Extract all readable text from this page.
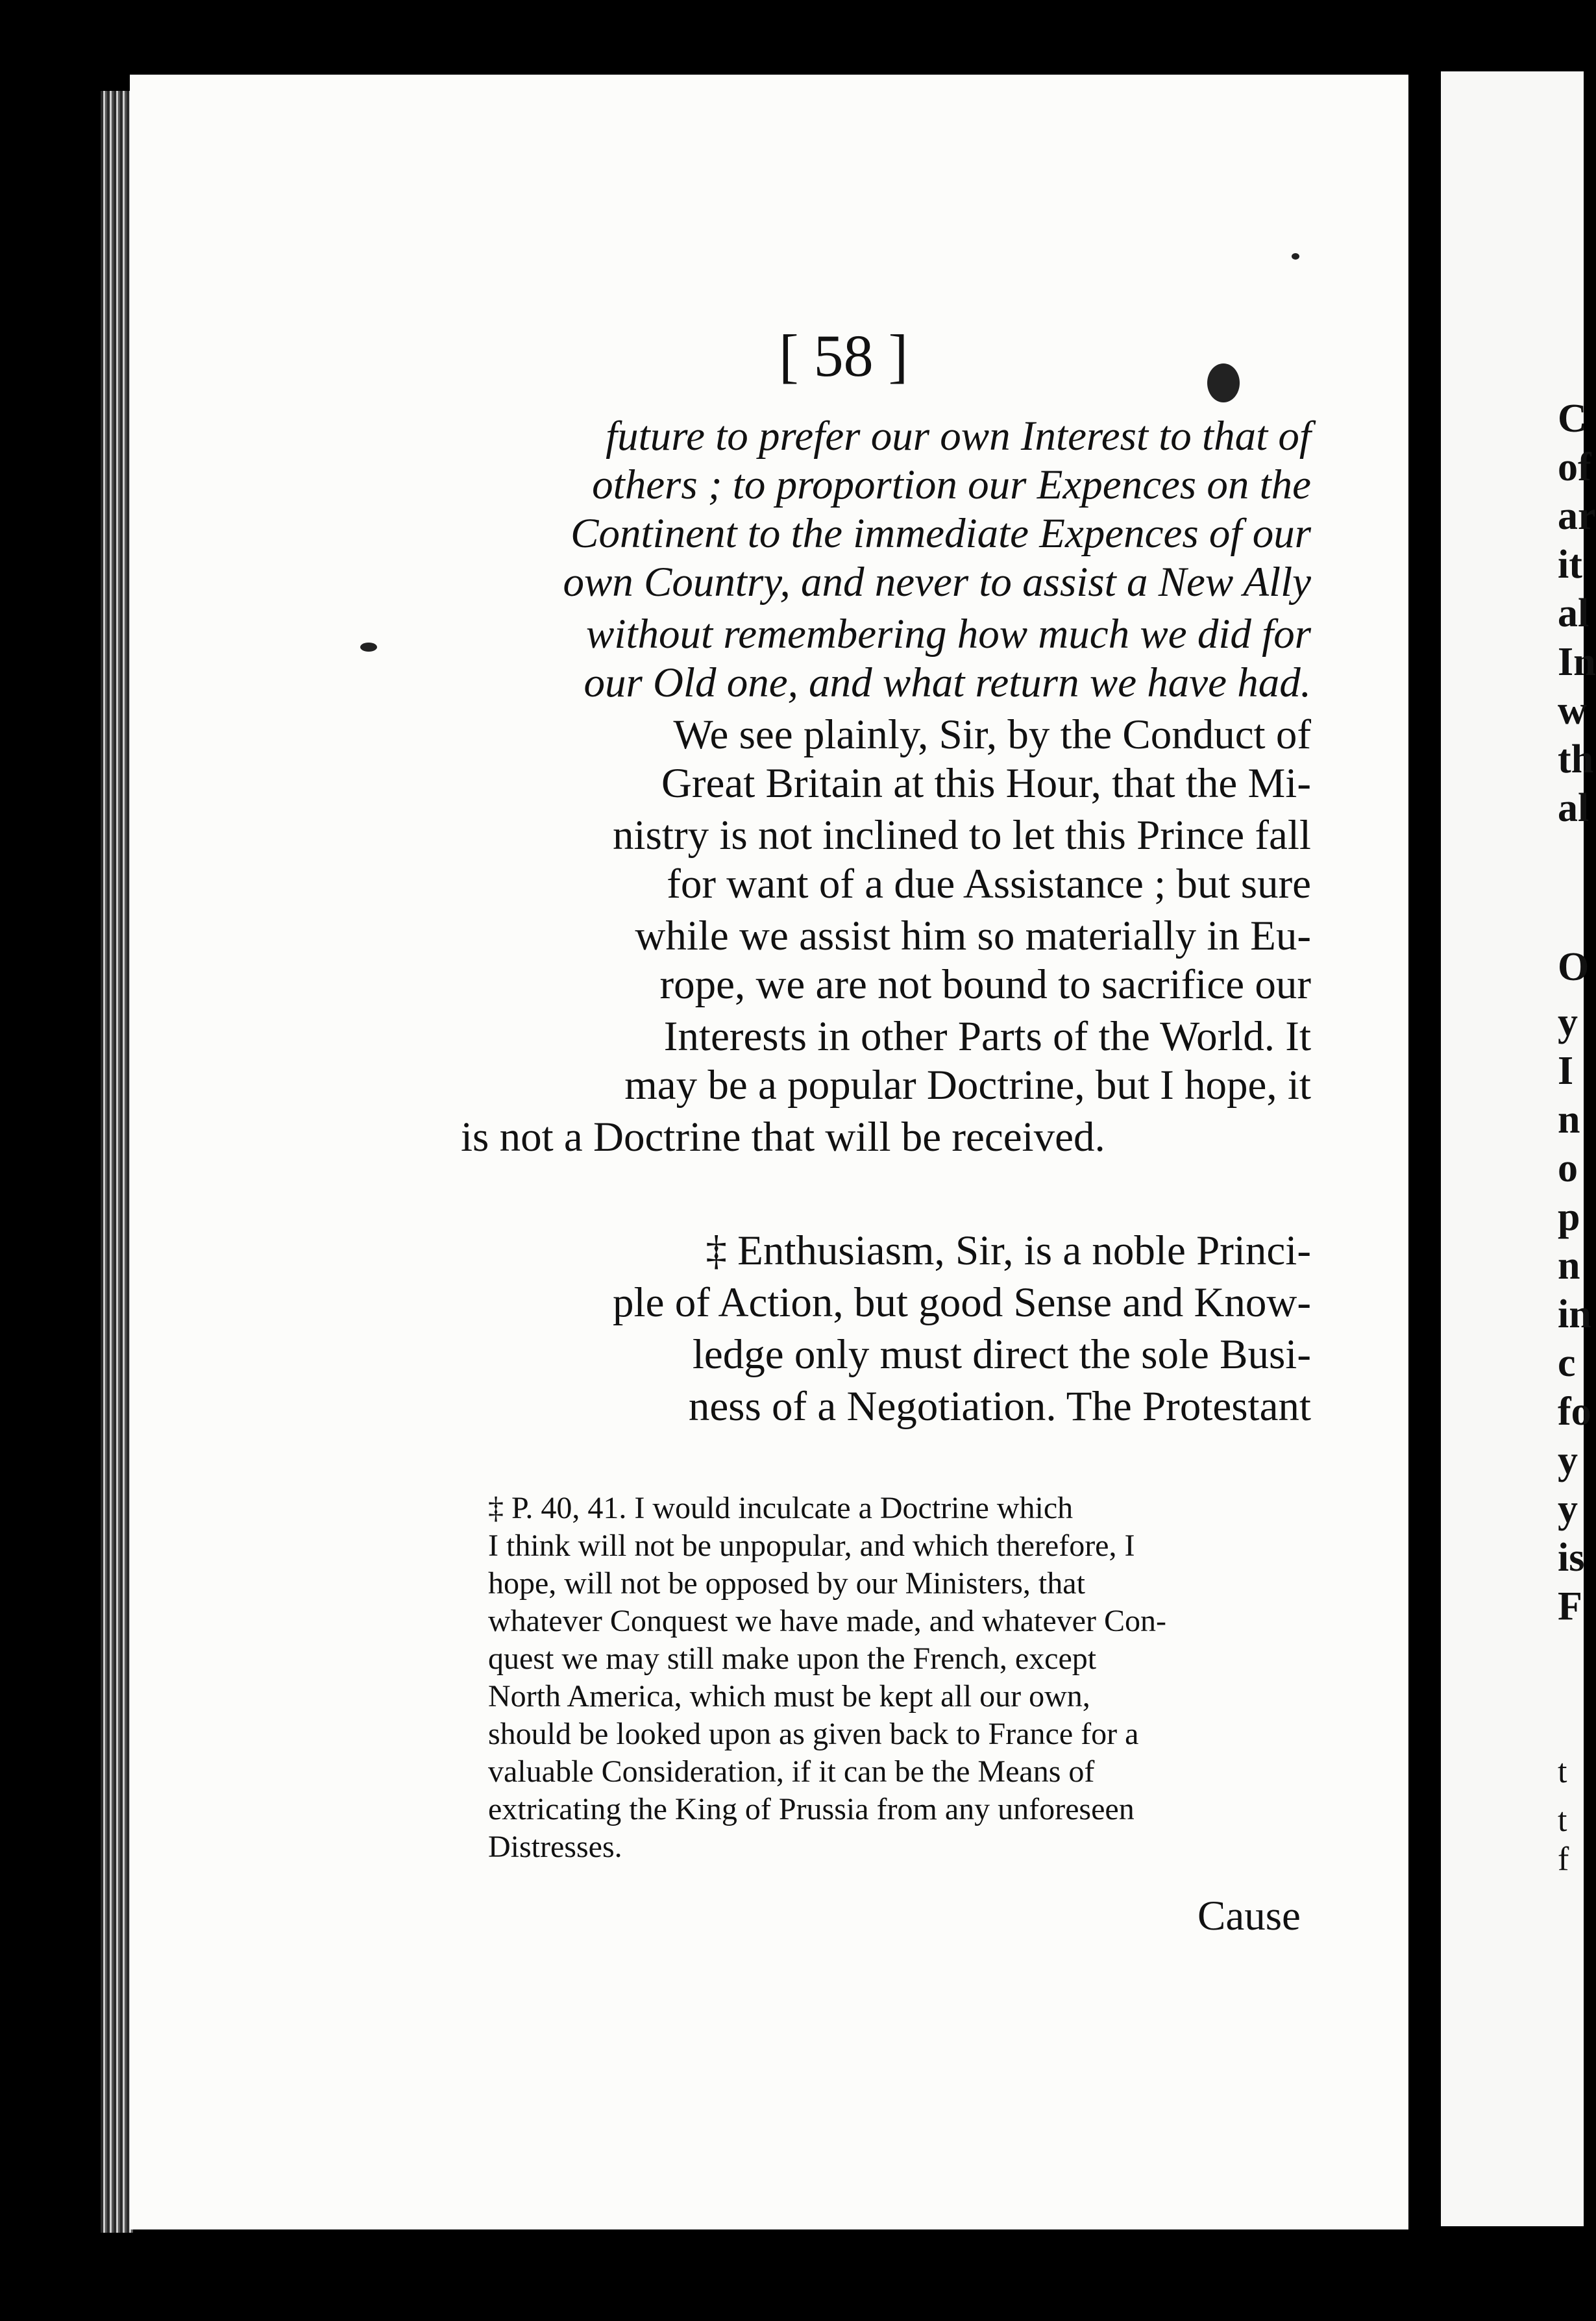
C
of
ar
it
al
In
w
th
al
O
y
I
n
o
p
n
in
c
fo
y
y
is
F
t
t
f
[ 58 ]
future to prefer our own Interest to that of
others ; to proportion our Expences on the
Continent to the immediate Expences of our
own Country, and never to assist a New Ally
without remembering how much we did for
our Old one, and what return we have had.
We see plainly, Sir, by the Conduct of
Great Britain at this Hour, that the Mi-
nistry is not inclined to let this Prince fall
for want of a due Assistance ; but sure
while we assist him so materially in Eu-
rope, we are not bound to sacrifice our
Interests in other Parts of the World. It
may be a popular Doctrine, but I hope, it
is not a Doctrine that will be received.
‡ Enthusiasm, Sir, is a noble Princi-
ple of Action, but good Sense and Know-
ledge only must direct the sole Busi-
ness of a Negotiation. The Protestant
‡ P. 40, 41. I would inculcate a Doctrine which
I think will not be unpopular, and which therefore, I
hope, will not be opposed by our Ministers, that
whatever Conquest we have made, and whatever Con-
quest we may still make upon the French, except
North America, which must be kept all our own,
should be looked upon as given back to France for a
valuable Consideration, if it can be the Means of
extricating the King of Prussia from any unforeseen
Distresses.
Cause
